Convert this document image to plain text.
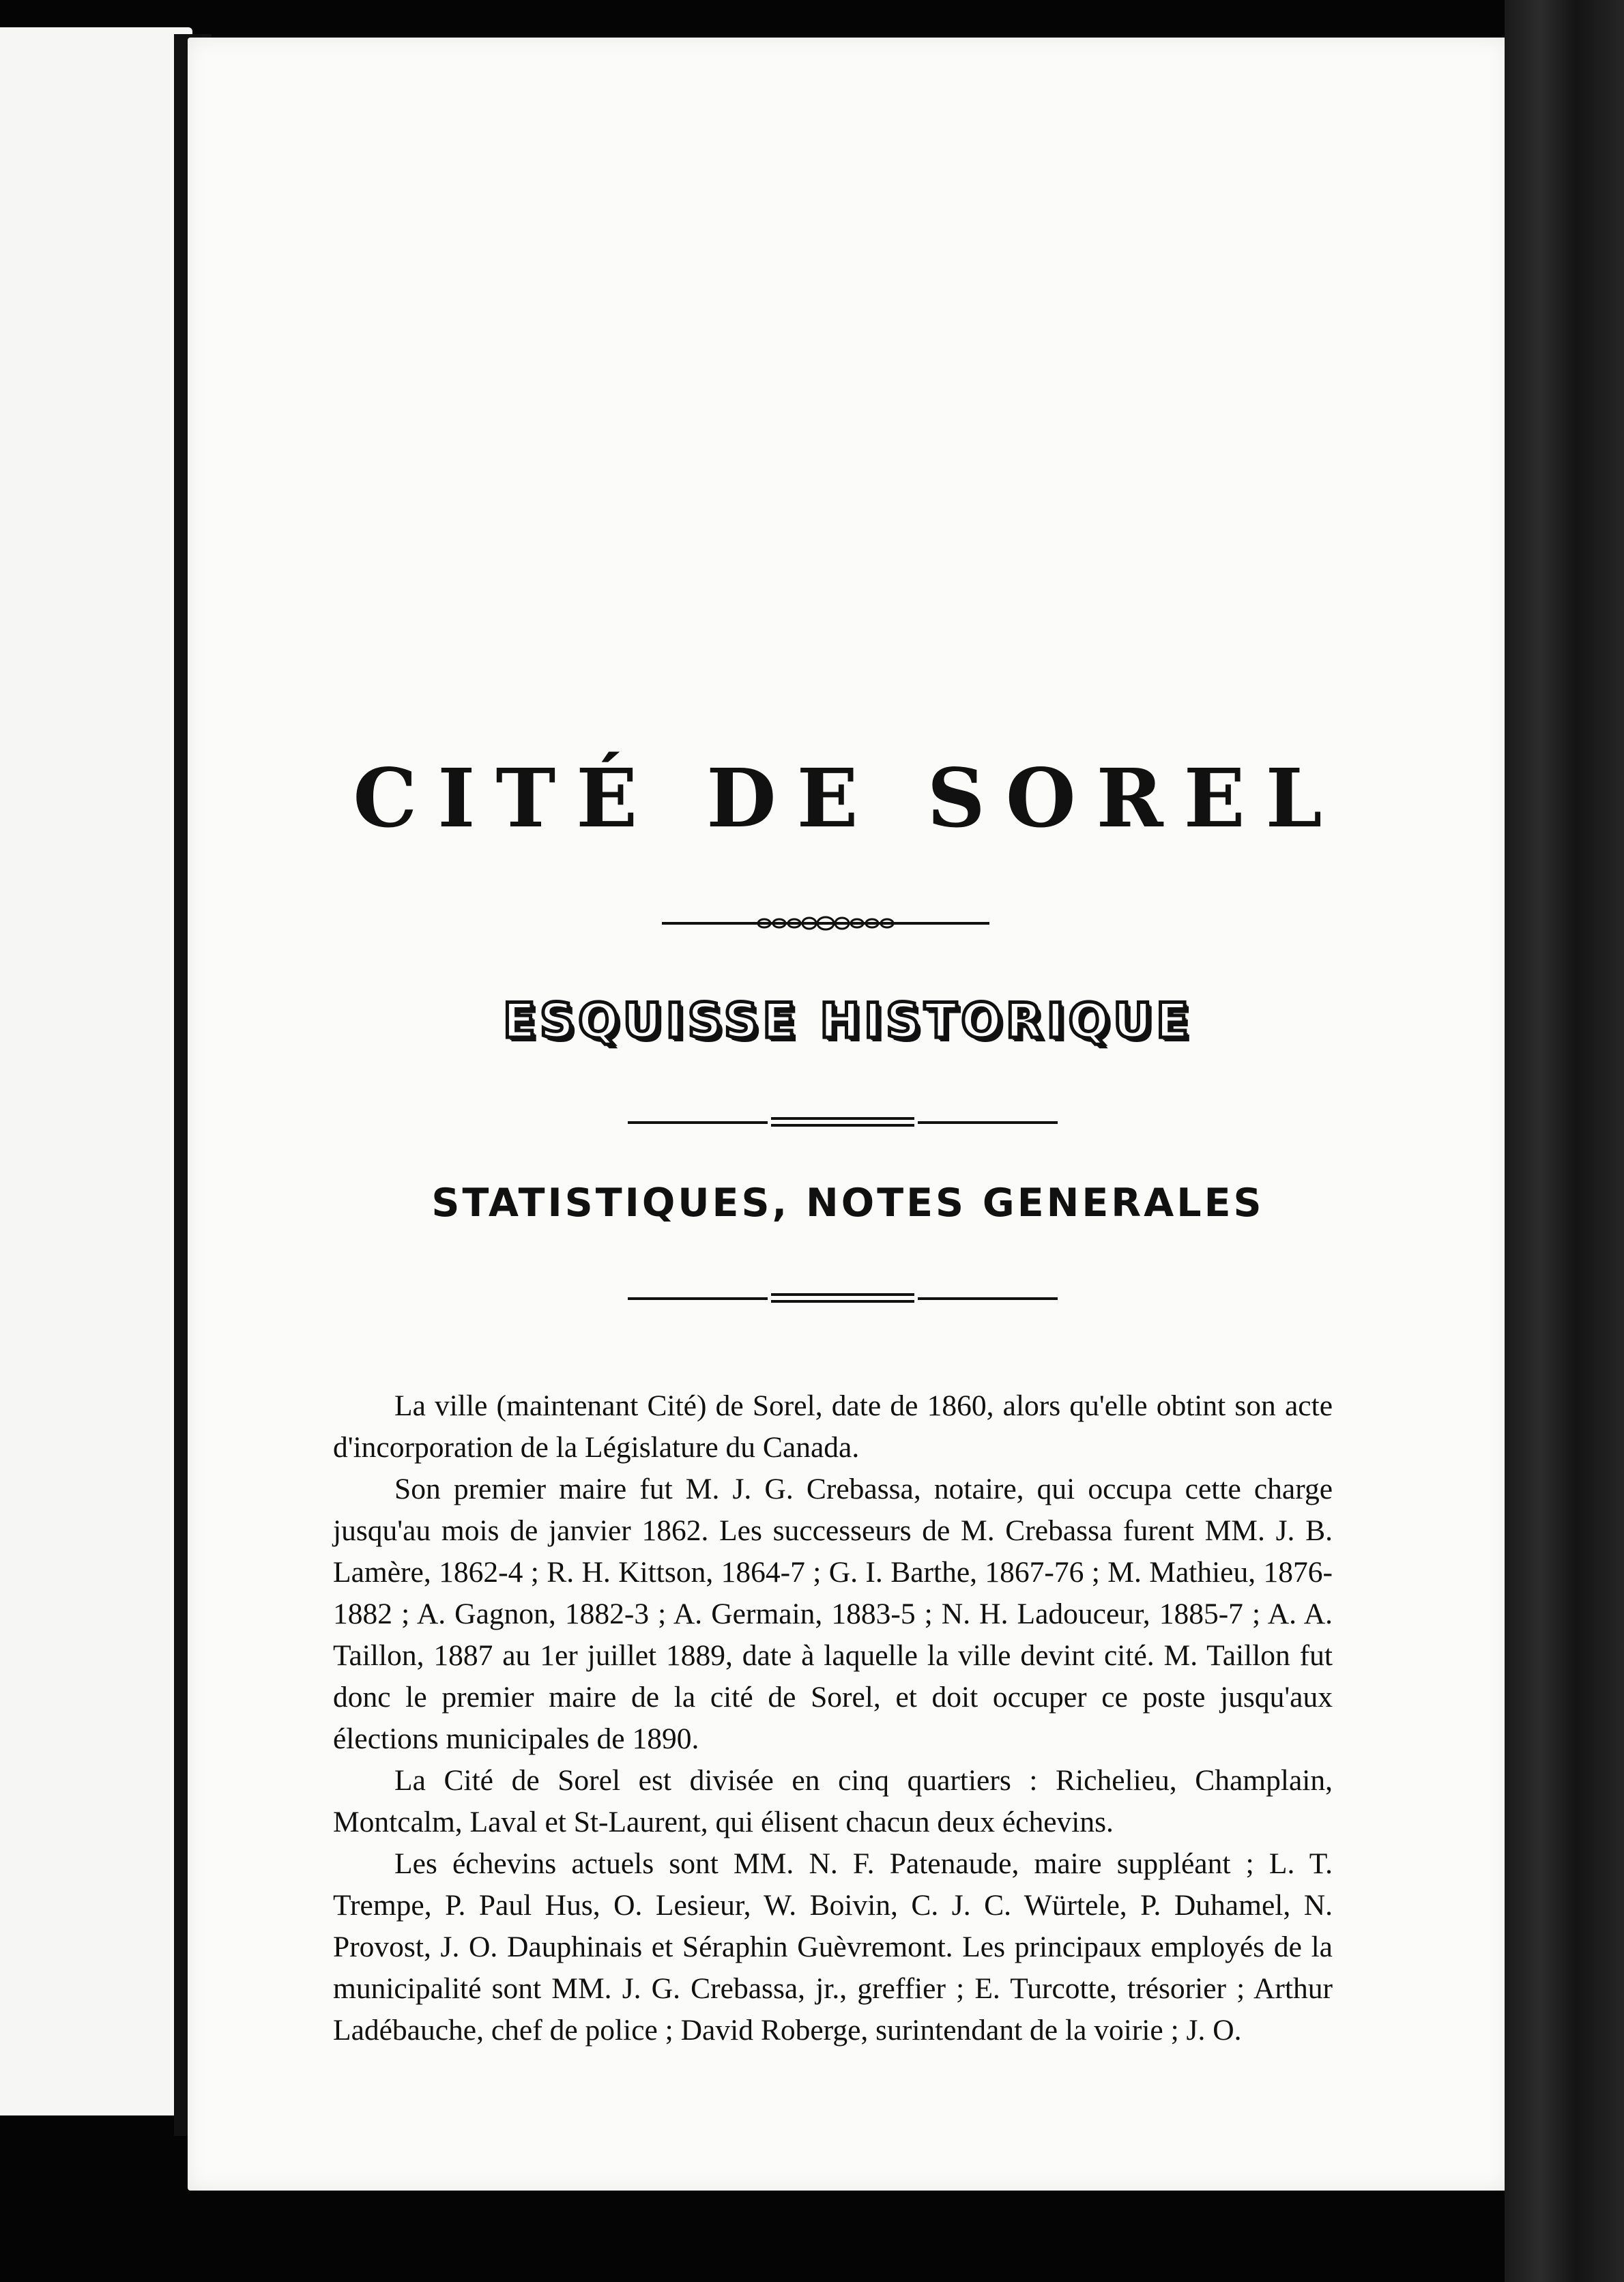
CITÉ DE SOREL
ESQUISSE HISTORIQUE
STATISTIQUES, NOTES GENERALES

La ville (maintenant Cité) de Sorel, date de 1860, alors qu'elle obtint son acte d'incorporation de la Législature du Canada.

Son premier maire fut M. J. G. Crebassa, notaire, qui occupa cette charge jusqu'au mois de janvier 1862. Les successeurs de M. Crebassa furent MM. J. B. Lamère, 1862-4 ; R. H. Kittson, 1864-7 ; G. I. Barthe, 1867-76 ; M. Mathieu, 1876-1882 ; A. Gagnon, 1882-3 ; A. Germain, 1883-5 ; N. H. Ladouceur, 1885-7 ; A. A. Taillon, 1887 au 1er juillet 1889, date à laquelle la ville devint cité. M. Taillon fut donc le premier maire de la cité de Sorel, et doit occuper ce poste jusqu'aux élections municipales de 1890.

La Cité de Sorel est divisée en cinq quartiers : Richelieu, Champlain, Montcalm, Laval et St-Laurent, qui élisent chacun deux échevins.

Les échevins actuels sont MM. N. F. Patenaude, maire suppléant ; L. T. Trempe, P. Paul Hus, O. Lesieur, W. Boivin, C. J. C. Würtele, P. Duhamel, N. Provost, J. O. Dauphinais et Séraphin Guèvremont. Les principaux employés de la municipalité sont MM. J. G. Crebassa, jr., greffier ; E. Turcotte, trésorier ; Arthur Ladébauche, chef de police ; David Roberge, surintendant de la voirie ; J. O.
